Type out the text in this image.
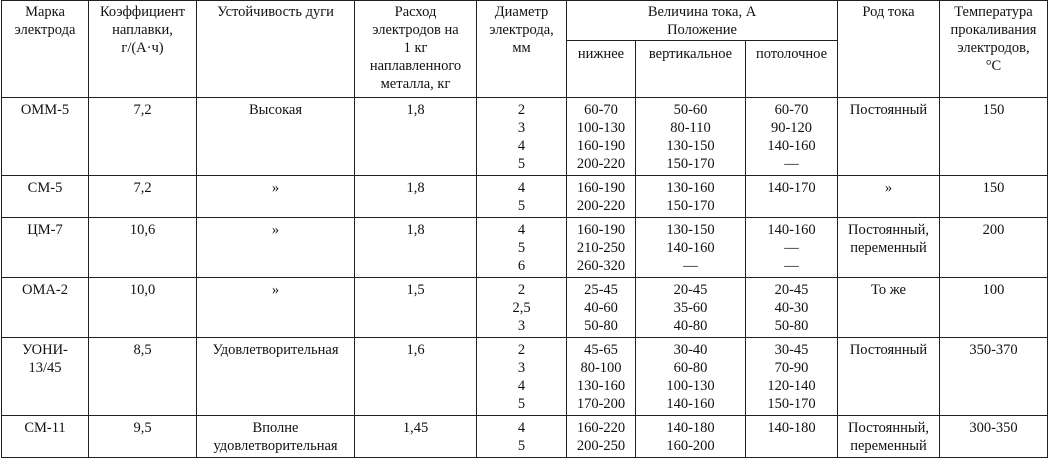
Марка
электрода	Коэффициент
наплавки,
г/(А·ч)	Устойчивость дуги	Расход
электродов на
1 кг
наплавленного
металла, кг	Диаметр
электрода,
мм	Величина тока, А
Положение			Род тока	Температура
прокаливания
электродов,
°С
					нижнее	вертикальное	потолочное		
ОММ-5	7,2	Высокая	1,8	2
3
4
5	60-70
100-130
160-190
200-220	50-60
80-110
130-150
150-170	60-70
90-120
140-160
—	Постоянный	150
СМ-5	7,2	»	1,8	4
5	160-190
200-220	130-160
150-170	140-170	»	150
ЦМ-7	10,6	»	1,8	4
5
6	160-190
210-250
260-320	130-150
140-160
—	140-160
—
—	Постоянный,
переменный	200
ОМА-2	10,0	»	1,5	2
2,5
3	25-45
40-60
50-80	20-45
35-60
40-80	20-45
40-30
50-80	То же	100
УОНИ-
13/45	8,5	Удовлетворительная	1,6	2
3
4
5	45-65
80-100
130-160
170-200	30-40
60-80
100-130
140-160	30-45
70-90
120-140
150-170	Постоянный	350-370
СМ-11	9,5	Вполне
удовлетворительная	1,45	4
5	160-220
200-250	140-180
160-200	140-180	Постоянный,
переменный	300-350
